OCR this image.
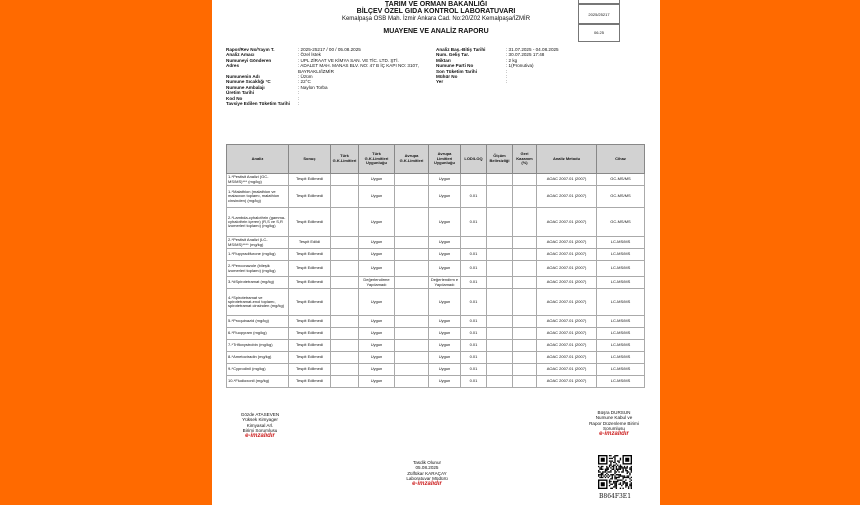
TARIM VE ORMAN BAKANLIĞI
BİLÇEV ÖZEL GIDA KONTROL LABORATUVARI
Kemalpaşa OSB Mah. İzmir Ankara Cad. No:20/Z02 Kemalpaşa/İZMİR
MUAYENE VE ANALİZ RAPORU
2025/25217
06.25
Rapor/Rev No/Yayın T.	: 2025-25217 / 00 / 05.08.2025
Analiz Amacı	: Özel İstek
Numuneyi Gönderen	: UPL ZİRAAT VE KİMYA SAN. VE TİC. LTD. ŞTİ.
Adres	: ADALET MAH. MANAS BLV. NO: 47 B İÇ KAPI NO: 3107, BAYRAKLI/İZMİR
Numunenin Adı	: Üzüm
Numune Sıcaklığı °C	: 22°C
Numune Ambalajı	: Naylon Torba
Üretim Tarihi	:
Kod No	:
Tavsiye Edilen Tüketim Tarihi	:
Analiz Baş.-Bitiş Tarihi	: 31.07.2025 - 04.08.2025
Num. Geliş Tar.	: 30.07.2025 17:48
Miktarı	: 2 kg
Numune Parti No	: 1(Pronutiva)
Son Tüketim Tarihi	:
Mühür No	:
Yer	:
Analiz	Sonuç	Türk G.K.Limitleri	Türk G.K.Limitleri Uygunluğu	Avrupa G.K.Limitleri	Avrupa Limitleri Uygunluğu	LOD/LOQ	Ölçüm Belirsizliği	Geri Kazanım (%)	Analiz Metodu	Cihaz
1-*Pestisit Analizi (GC-MS/MS)*** (mg/kg)	Tespit Edilmedi		Uygun		Uygun				AOAC 2007.01 (2007)	GC-MS/MS
1-*Malathion (malathion ve malaoxon toplamı, malathion cinsinden) (mg/kg)	Tespit Edilmedi		Uygun		Uygun	0.01			AOAC 2007.01 (2007)	GC-MS/MS
2-*Lambda-cyhalothrin (gamma-cyhalothrin içeren) (R,S ve S,R izomerleri toplamı) (mg/kg)	Tespit Edilmedi		Uygun		Uygun	0.01			AOAC 2007.01 (2007)	GC-MS/MS
2-*Pestisit Analizi (LC-MS/MS)**** (mg/kg)	Tespit Edildi		Uygun		Uygun				AOAC 2007.01 (2007)	LC-MS/MS
1-*Flupyradifurone (mg/kg)	Tespit Edilmedi		Uygun		Uygun	0.01			AOAC 2007.01 (2007)	LC-MS/MS
2-*Penconazole (bileşik izomerleri toplamı) (mg/kg)	Tespit Edilmedi		Uygun		Uygun	0.01			AOAC 2007.01 (2007)	LC-MS/MS
3-*#Spirotetramat (mg/kg)	Tespit Edilmedi		Değerlendirme Yapılamadı		Değerlendirm e Yapılamadı	0.01			AOAC 2007.01 (2007)	LC-MS/MS
4-*Spirotetramat ve spirotetramat-enol toplamı, spirotetramat cinsinden (mg/kg)	Tespit Edilmedi		Uygun		Uygun	0.01			AOAC 2007.01 (2007)	LC-MS/MS
5-*Proquinazid (mg/kg)	Tespit Edilmedi		Uygun		Uygun	0.01			AOAC 2007.01 (2007)	LC-MS/MS
6-*Fluopyram (mg/kg)	Tespit Edilmedi		Uygun		Uygun	0.01			AOAC 2007.01 (2007)	LC-MS/MS
7-*Trifloxystrobin (mg/kg)	Tespit Edilmedi		Uygun		Uygun	0.01			AOAC 2007.01 (2007)	LC-MS/MS
8-*Ametoctradin (mg/kg)	Tespit Edilmedi		Uygun		Uygun	0.01			AOAC 2007.01 (2007)	LC-MS/MS
9-*Cyprodinil (mg/kg)	Tespit Edilmedi		Uygun		Uygun	0.01			AOAC 2007.01 (2007)	LC-MS/MS
10-*Fludioxonil (mg/kg)	Tespit Edilmedi		Uygun		Uygun	0.01			AOAC 2007.01 (2007)	LC-MS/MS
Gözde ATASEVEN
Yüksek Kimyager
Kimyasal Arl.
Birimi Sorumlusu
e-imzalıdır
Büşra DURSUN
Numune Kabul ve
Rapor Düzenleme Birimi
Sorumlusu
e-imzalıdır
Tasdik Olunur
05.08.2025
Zülfükar KARAÇAY
Laboratuvar Müdürü
e-imzalıdır
B864F3E1
